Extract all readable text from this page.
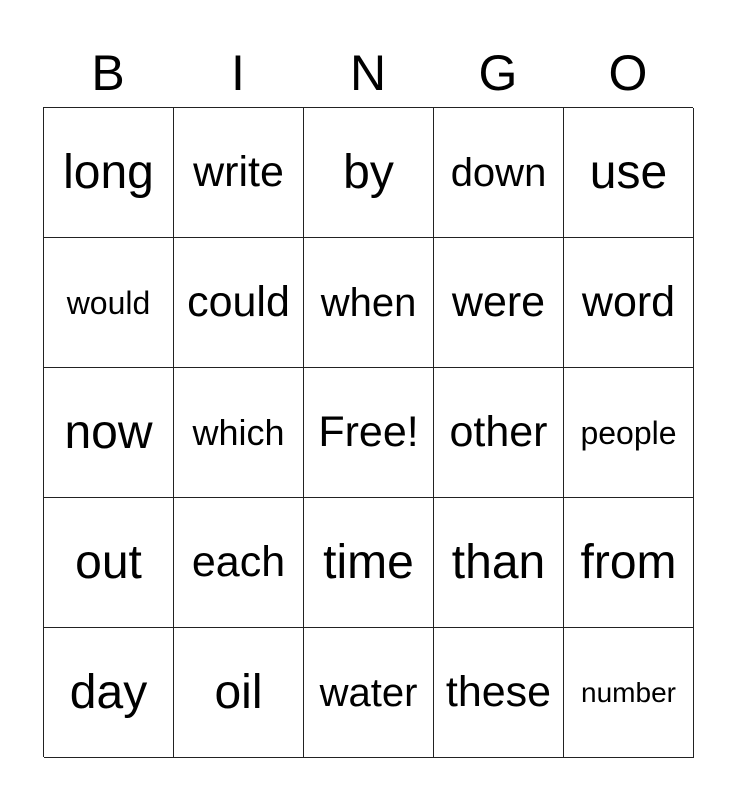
B	I	N	G	O
long write	by	down use
would could when were word
now	which Free! other	people
out	each time than from
day	oil	water these	number
